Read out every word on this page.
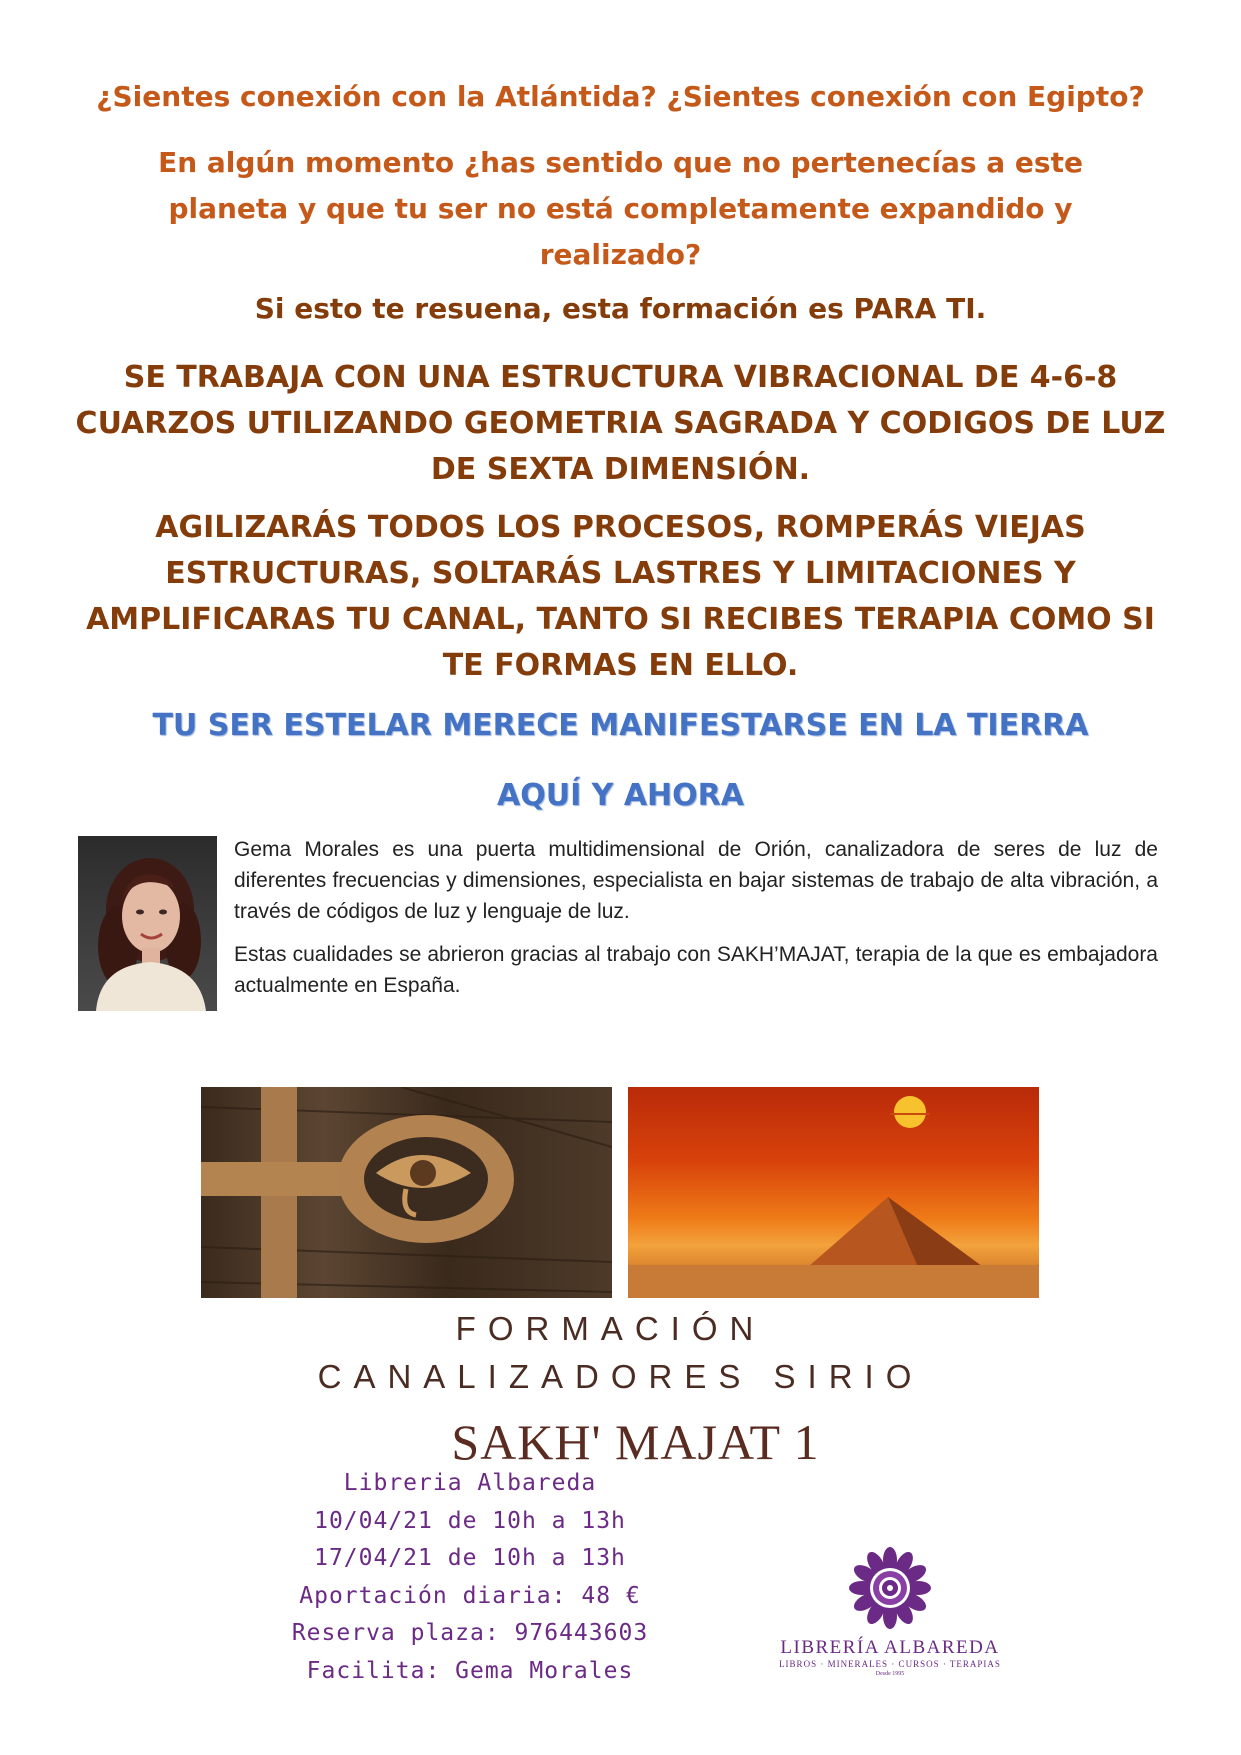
¿Sientes conexión con la Atlántida? ¿Sientes conexión con Egipto?
En algún momento ¿has sentido que no pertenecías a este planeta y que tu ser no está completamente expandido y realizado?
Si esto te resuena, esta formación es PARA TI.
SE TRABAJA CON UNA ESTRUCTURA VIBRACIONAL DE 4-6-8 CUARZOS UTILIZANDO GEOMETRIA SAGRADA Y CODIGOS DE LUZ DE SEXTA DIMENSIÓN.
AGILIZARÁS TODOS LOS PROCESOS, ROMPERÁS VIEJAS ESTRUCTURAS, SOLTARÁS LASTRES Y LIMITACIONES Y AMPLIFICARAS TU CANAL, TANTO SI RECIBES TERAPIA COMO SI TE FORMAS EN ELLO.
TU SER ESTELAR MERECE MANIFESTARSE EN LA TIERRA
AQUÍ Y AHORA

Gema Morales es una puerta multidimensional de Orión, canalizadora de seres de luz de diferentes frecuencias y dimensiones, especialista en bajar sistemas de trabajo de alta vibración, a través de códigos de luz y lenguaje de luz.

Estas cualidades se abrieron gracias al trabajo con SAKH’MAJAT, terapia de la que es embajadora actualmente en España.

FORMACIÓN
CANALIZADORES SIRIO
SAKH' MAJAT 1
Libreria Albareda
10/04/21 de 10h a 13h
17/04/21 de 10h a 13h
Aportación diaria: 48 €
Reserva plaza: 976443603
Facilita: Gema Morales
LIBRERÍA ALBAREDA
LIBROS · MINERALES · CURSOS · TERAPIAS
Desde 1995
